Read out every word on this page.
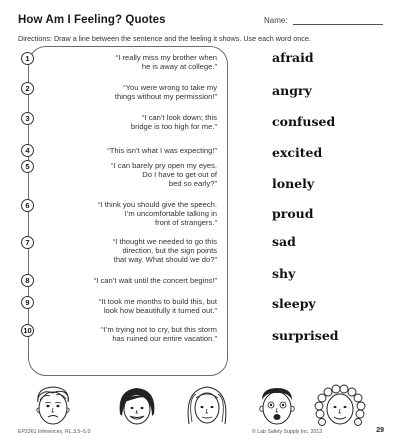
How Am I Feeling? Quotes	Name:
Directions: Draw a line between the sentence and the feeling it shows. Use each word once.
1	“I really miss my brother when
he is away at college.”
2	“You were wrong to take my
things without my permission!”
3	“I can’t look down; this
bridge is too high for me.”
4	“This isn’t what I was expecting!”
5	“I can barely pry open my eyes.
Do I have to get out of
bed so early?”
6	“I think you should give the speech.
I’m uncomfortable talking in
front of strangers.”
7	“I thought we needed to go this
direction, but the sign points
that way. What should we do?”
8	“I can’t wait until the concert begins!”
9	“It took me months to build this, but
look how beautifully it turned out.”
10	“I’m trying not to cry, but this storm
has ruined our entire vacation.”
afraid
angry
confused
excited
lonely
proud
sad
shy
sleepy
surprised
EP2361 Inferences, RL.3.5–5.0	© Lab Safety Supply Inc. 2013	29
